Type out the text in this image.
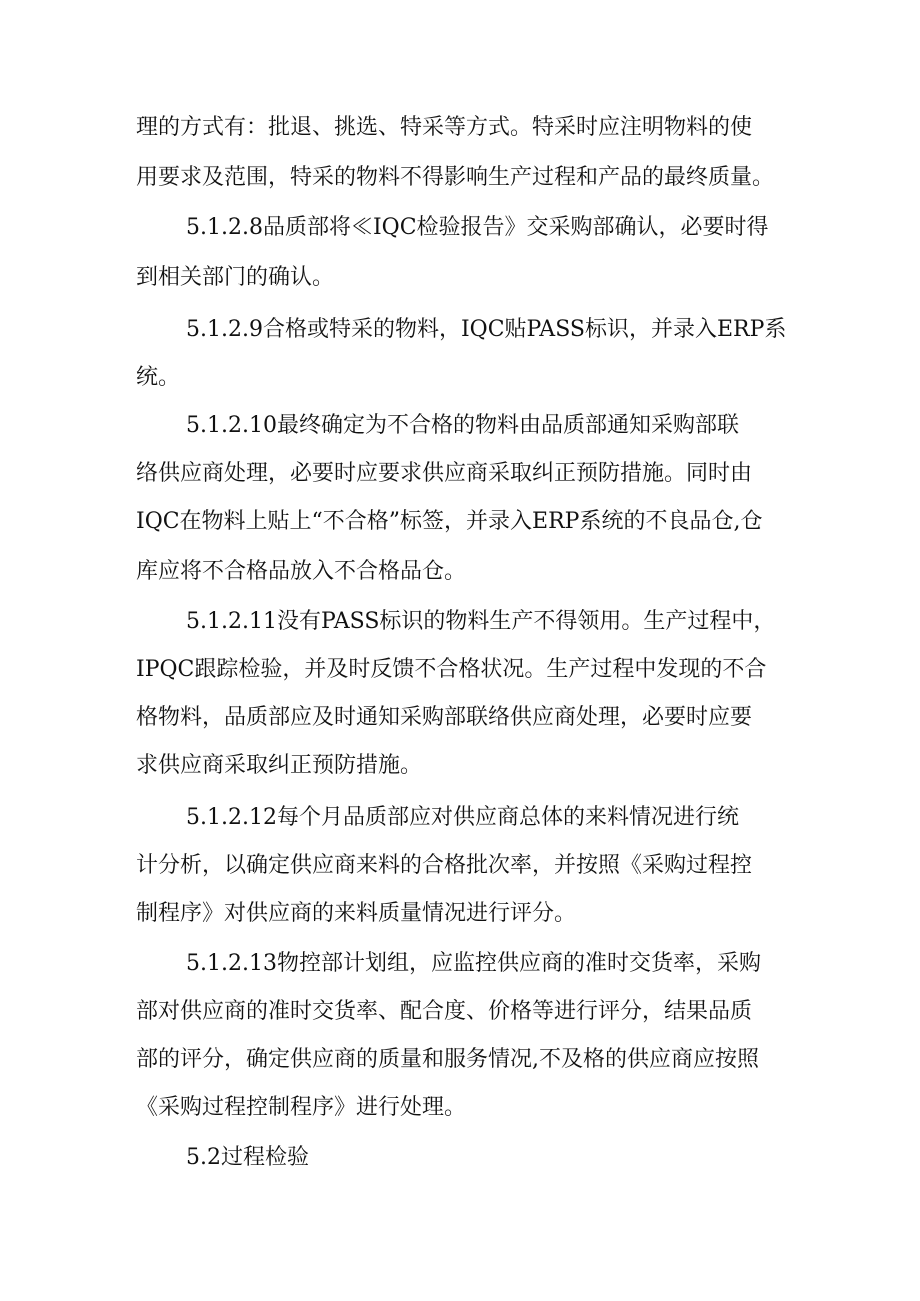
理的方式有：批退、挑选、特采等方式。特采时应注明物料的使
用要求及范围，特采的物料不得影响生产过程和产品的最终质量。
5.1.2.8品质部将≪IQC检验报告》交采购部确认，必要时得
到相关部门的确认。
5.1.2.9合格或特采的物料，IQC贴PASS标识，并录入ERP系
统。
5.1.2.10最终确定为不合格的物料由品质部通知采购部联
络供应商处理，必要时应要求供应商采取纠正预防措施。同时由
IQC在物料上贴上“不合格”标签，并录入ERP系统的不良品仓,仓
库应将不合格品放入不合格品仓。
5.1.2.11没有PASS标识的物料生产不得领用。生产过程中，
IPQC跟踪检验，并及时反馈不合格状况。生产过程中发现的不合
格物料，品质部应及时通知采购部联络供应商处理，必要时应要
求供应商采取纠正预防措施。
5.1.2.12每个月品质部应对供应商总体的来料情况进行统
计分析，以确定供应商来料的合格批次率，并按照《采购过程控
制程序》对供应商的来料质量情况进行评分。
5.1.2.13物控部计划组，应监控供应商的准时交货率，采购
部对供应商的准时交货率、配合度、价格等进行评分，结果品质
部的评分，确定供应商的质量和服务情况,不及格的供应商应按照
《采购过程控制程序》进行处理。
5.2过程检验
